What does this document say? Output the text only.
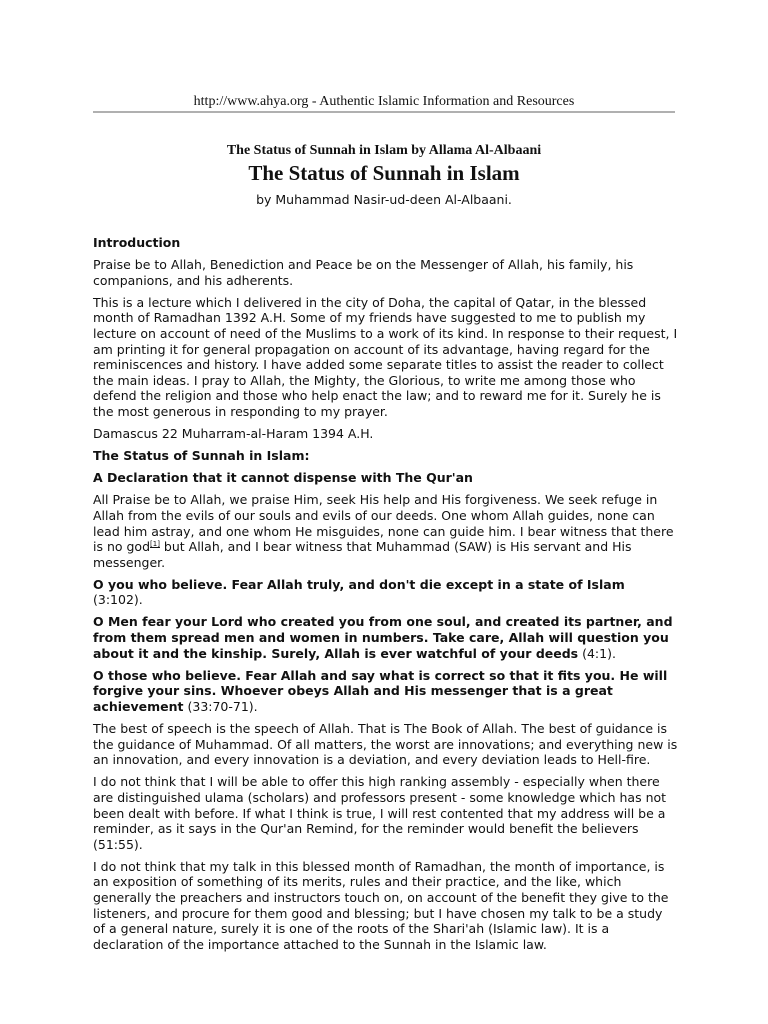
http://www.ahya.org - Authentic Islamic Information and Resources
The Status of Sunnah in Islam by Allama Al-Albaani
The Status of Sunnah in Islam
by Muhammad Nasir-ud-deen Al-Albaani.

Introduction

Praise be to Allah, Benediction and Peace be on the Messenger of Allah, his family, his companions, and his adherents.

This is a lecture which I delivered in the city of Doha, the capital of Qatar, in the blessed month of Ramadhan 1392 A.H. Some of my friends have suggested to me to publish my lecture on account of need of the Muslims to a work of its kind. In response to their request, I am printing it for general propagation on account of its advantage, having regard for the reminiscences and history. I have added some separate titles to assist the reader to collect the main ideas. I pray to Allah, the Mighty, the Glorious, to write me among those who defend the religion and those who help enact the law; and to reward me for it. Surely he is the most generous in responding to my prayer.

Damascus 22 Muharram-al-Haram 1394 A.H.

The Status of Sunnah in Islam:

A Declaration that it cannot dispense with The Qur'an

All Praise be to Allah, we praise Him, seek His help and His forgiveness. We seek refuge in Allah from the evils of our souls and evils of our deeds. One whom Allah guides, none can lead him astray, and one whom He misguides, none can guide him. I bear witness that there is no god[1] but Allah, and I bear witness that Muhammad (SAW) is His servant and His messenger.

O you who believe. Fear Allah truly, and don't die except in a state of Islam (3:102).

O Men fear your Lord who created you from one soul, and created its partner, and from them spread men and women in numbers. Take care, Allah will question you about it and the kinship. Surely, Allah is ever watchful of your deeds (4:1).

O those who believe. Fear Allah and say what is correct so that it fits you. He will forgive your sins. Whoever obeys Allah and His messenger that is a great achievement (33:70-71).

The best of speech is the speech of Allah. That is The Book of Allah. The best of guidance is the guidance of Muhammad. Of all matters, the worst are innovations; and everything new is an innovation, and every innovation is a deviation, and every deviation leads to Hell-fire.

I do not think that I will be able to offer this high ranking assembly - especially when there are distinguished ulama (scholars) and professors present - some knowledge which has not been dealt with before. If what I think is true, I will rest contented that my address will be a reminder, as it says in the Qur'an Remind, for the reminder would benefit the believers (51:55).

I do not think that my talk in this blessed month of Ramadhan, the month of importance, is an exposition of something of its merits, rules and their practice, and the like, which generally the preachers and instructors touch on, on account of the benefit they give to the listeners, and procure for them good and blessing; but I have chosen my talk to be a study of a general nature, surely it is one of the roots of the Shari'ah (Islamic law). It is a declaration of the importance attached to the Sunnah in the Islamic law.
